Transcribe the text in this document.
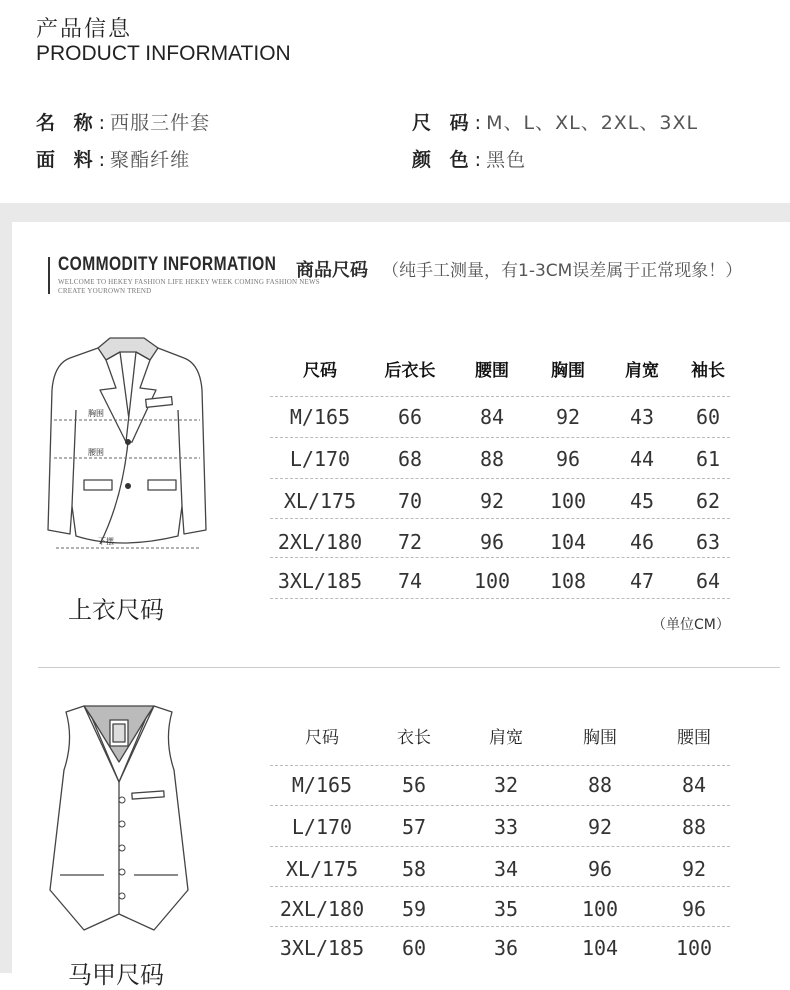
产品信息
PRODUCT INFORMATION
名 称: 西服三件套
面 料: 聚酯纤维
尺 码: M、L、XL、2XL、3XL
颜 色: 黑色
COMMODITY INFORMATION 商品尺码 （纯手工测量，有1-3CM误差属于正常现象！）
WELCOME TO HEKEY FASHION LIFE HEKEY WEEK COMING FASHION NEWS
CREATE YOUROWN TREND
胸围
腰围
下摆
上衣尺码
尺码	后衣长	腰围	胸围	肩宽	袖长
M/165	66	84	92	43	60
L/170	68	88	96	44	61
XL/175	70	92	100	45	62
2XL/180	72	96	104	46	63
3XL/185	74	100	108	47	64
（单位CM）
马甲尺码
尺码	衣长	肩宽	胸围	腰围
M/165	56	32	88	84
L/170	57	33	92	88
XL/175	58	34	96	92
2XL/180	59	35	100	96
3XL/185	60	36	104	100
